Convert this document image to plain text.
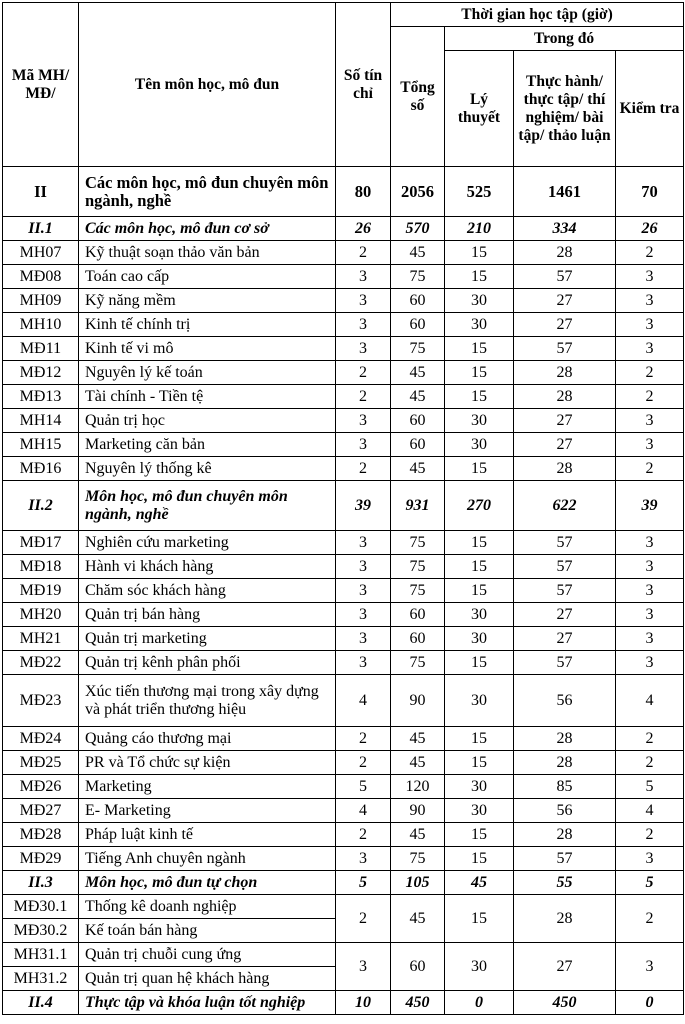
Mã MH/ MĐ/	Tên môn học, mô đun	Số tín chỉ	Thời gian học tập (giờ)			
			Tổng số	Trong đó		
				Lý thuyết	Thực hành/ thực tập/ thí nghiệm/ bài tập/ thảo luận	Kiểm tra
II	Các môn học, mô đun chuyên môn ngành, nghề	80	2056	525	1461	70
II.1	Các môn học, mô đun cơ sở	26	570	210	334	26
MH07	Kỹ thuật soạn thảo văn bản	2	45	15	28	2
MĐ08	Toán cao cấp	3	75	15	57	3
MH09	Kỹ năng mềm	3	60	30	27	3
MH10	Kinh tế chính trị	3	60	30	27	3
MĐ11	Kinh tế vi mô	3	75	15	57	3
MĐ12	Nguyên lý kế toán	2	45	15	28	2
MĐ13	Tài chính - Tiền tệ	2	45	15	28	2
MH14	Quản trị học	3	60	30	27	3
MH15	Marketing căn bản	3	60	30	27	3
MĐ16	Nguyên lý thống kê	2	45	15	28	2
II.2	Môn học, mô đun chuyên môn ngành, nghề	39	931	270	622	39
MĐ17	Nghiên cứu marketing	3	75	15	57	3
MĐ18	Hành vi khách hàng	3	75	15	57	3
MĐ19	Chăm sóc khách hàng	3	75	15	57	3
MH20	Quản trị bán hàng	3	60	30	27	3
MH21	Quản trị marketing	3	60	30	27	3
MĐ22	Quản trị kênh phân phối	3	75	15	57	3
MĐ23	Xúc tiến thương mại trong xây dựng và phát triển thương hiệu	4	90	30	56	4
MĐ24	Quảng cáo thương mại	2	45	15	28	2
MĐ25	PR và Tổ chức sự kiện	2	45	15	28	2
MĐ26	Marketing	5	120	30	85	5
MĐ27	E- Marketing	4	90	30	56	4
MĐ28	Pháp luật kinh tế	2	45	15	28	2
MĐ29	Tiếng Anh chuyên ngành	3	75	15	57	3
II.3	Môn học, mô đun tự chọn	5	105	45	55	5
MĐ30.1	Thống kê doanh nghiệp	2	45	15	28	2
MĐ30.2	Kế toán bán hàng					
MH31.1	Quản trị chuỗi cung ứng	3	60	30	27	3
MH31.2	Quản trị quan hệ khách hàng					
II.4	Thực tập và khóa luận tốt nghiệp	10	450	0	450	0
